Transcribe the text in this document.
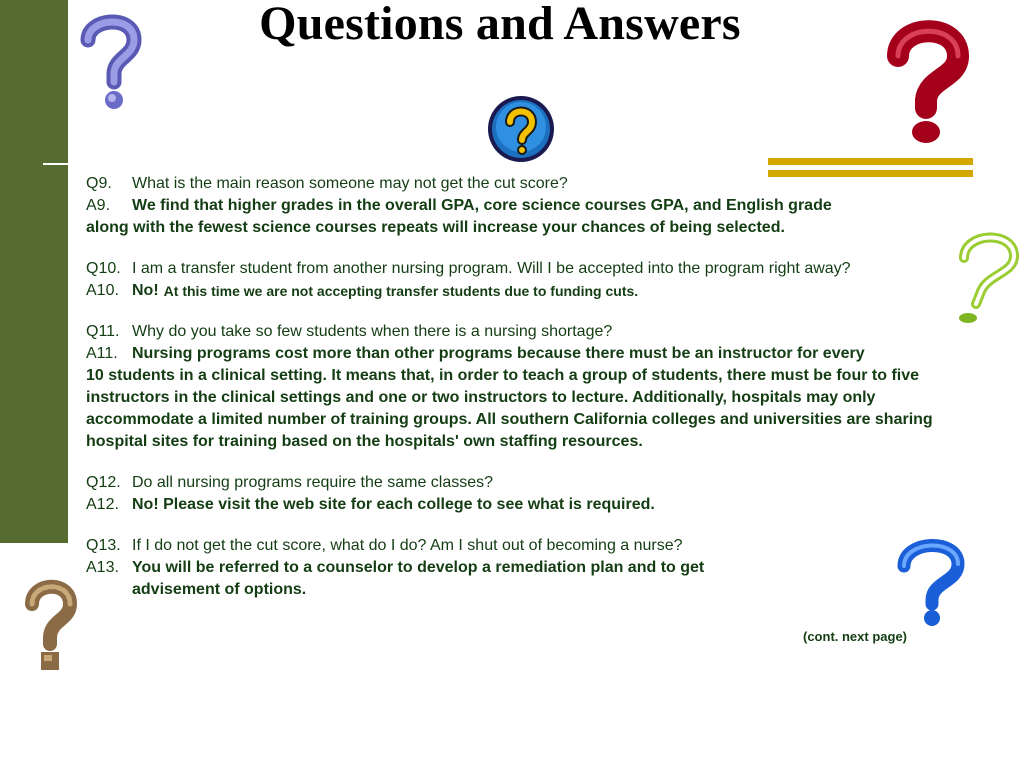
Questions and Answers
Q9.	What is the main reason someone may not get the cut score?
A9.	We find that higher grades in the overall GPA, core science courses GPA, and English grade
along with the fewest science courses repeats will increase your chances of being selected.
Q10. I am a transfer student from another nursing program. Will I be accepted into the program right away?
A10. No! At this time we are not accepting transfer students due to funding cuts.
Q11. Why do you take so few students when there is a nursing shortage?
A11. Nursing programs cost more than other programs because there must be an instructor for every
10 students in a clinical setting. It means that, in order to teach a group of students, there must be four to five instructors in the clinical settings and one or two instructors to lecture. Additionally, hospitals may only accommodate a limited number of training groups. All southern California colleges and universities are sharing hospital sites for training based on the hospitals' own staffing resources.
Q12. Do all nursing programs require the same classes?
A12. No! Please visit the web site for each college to see what is required.
Q13. If I do not get the cut score, what do I do? Am I shut out of becoming a nurse?
A13. You will be referred to a counselor to develop a remediation plan and to get
advisement of options.
(cont. next page)
